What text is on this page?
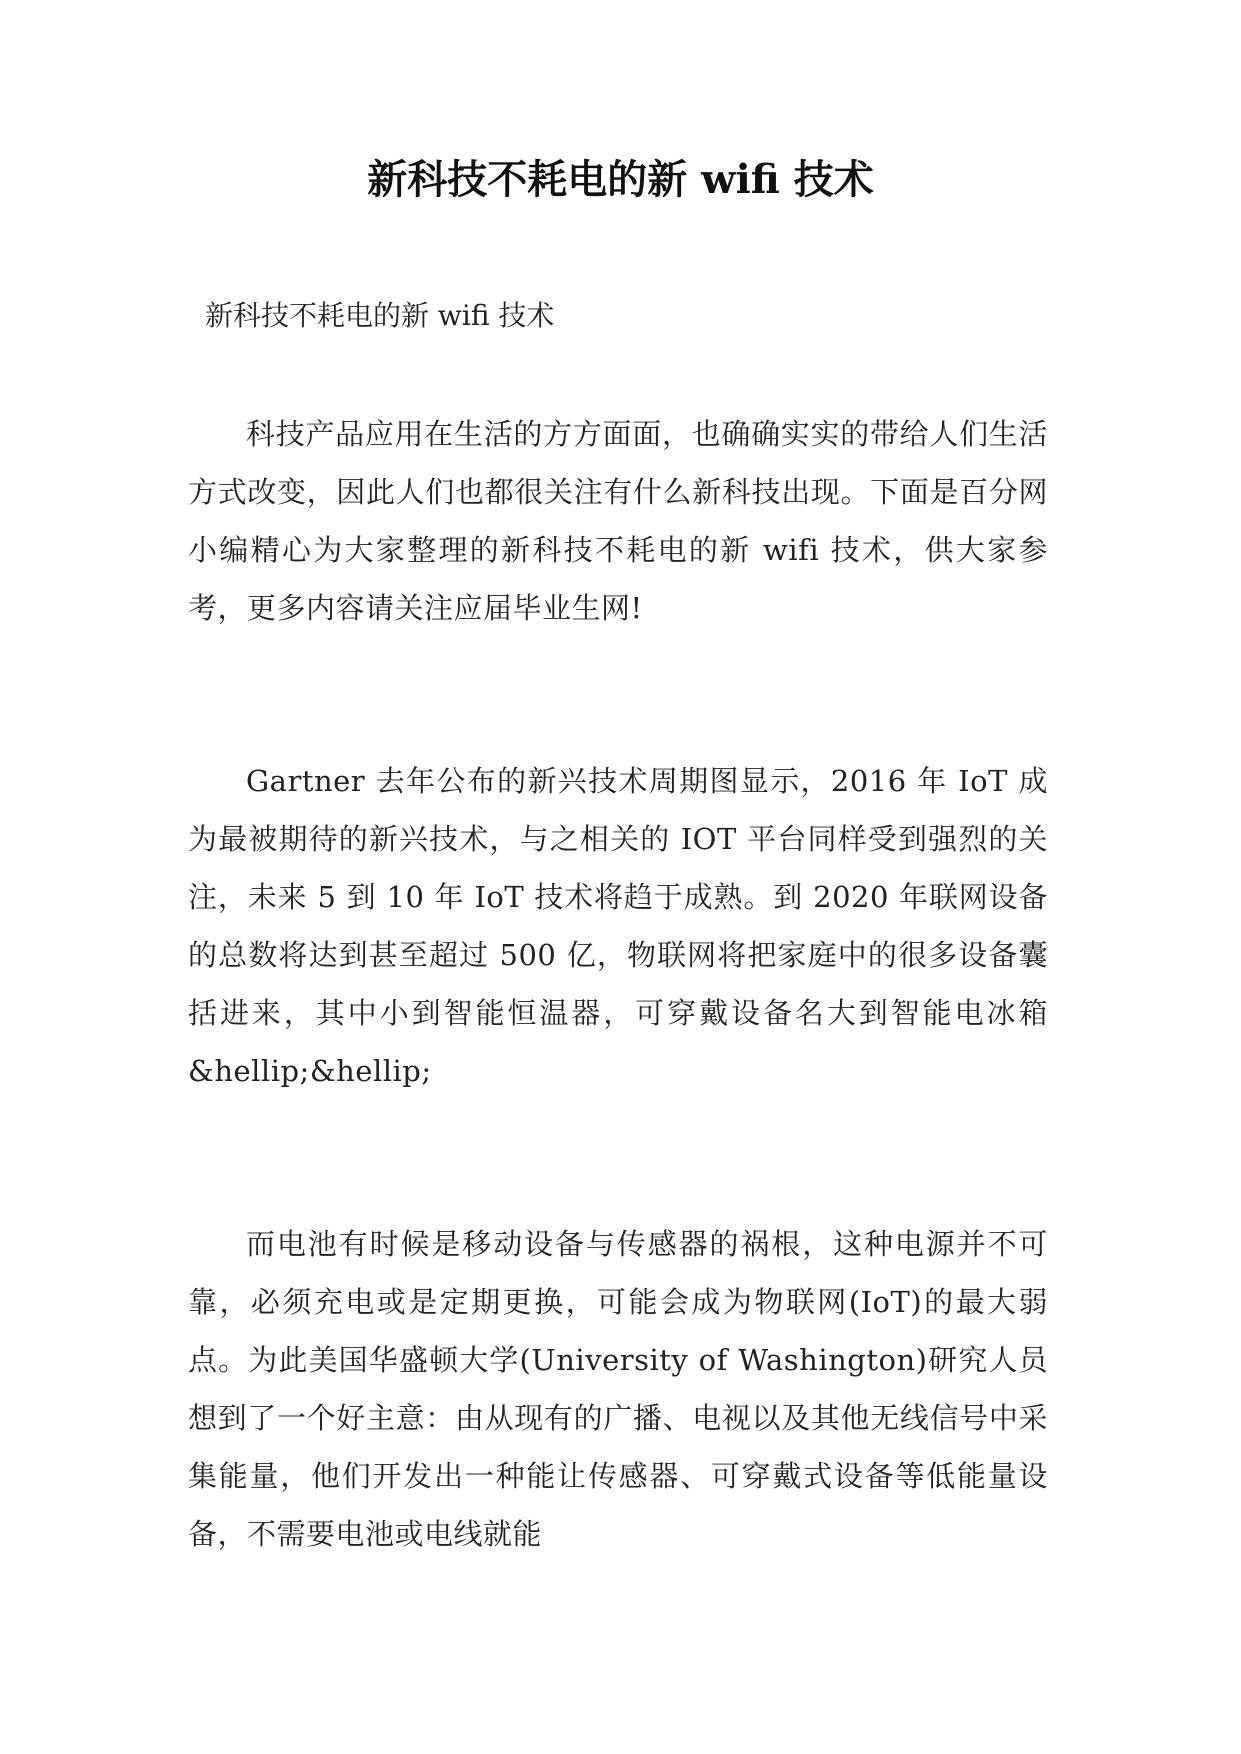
新科技不耗电的新 wifi 技术

新科技不耗电的新 wifi 技术

科技产品应用在生活的方方面面，也确确实实的带给人们生活方式改变，因此人们也都很关注有什么新科技出现。下面是百分网小编精心为大家整理的新科技不耗电的新 wifi 技术，供大家参考，更多内容请关注应届毕业生网!

Gartner 去年公布的新兴技术周期图显示，2016 年 IoT 成为最被期待的新兴技术，与之相关的 IOT 平台同样受到强烈的关注，未来 5 到 10 年 IoT 技术将趋于成熟。到 2020 年联网设备的总数将达到甚至超过 500 亿，物联网将把家庭中的很多设备囊括进来，其中小到智能恒温器，可穿戴设备名大到智能电冰箱&hellip;&hellip;

而电池有时候是移动设备与传感器的祸根，这种电源并不可靠，必须充电或是定期更换，可能会成为物联网(IoT)的最大弱点。为此美国华盛顿大学(University of Washington)研究人员想到了一个好主意：由从现有的广播、电视以及其他无线信号中采集能量，他们开发出一种能让传感器、可穿戴式设备等低能量设备，不需要电池或电线就能
